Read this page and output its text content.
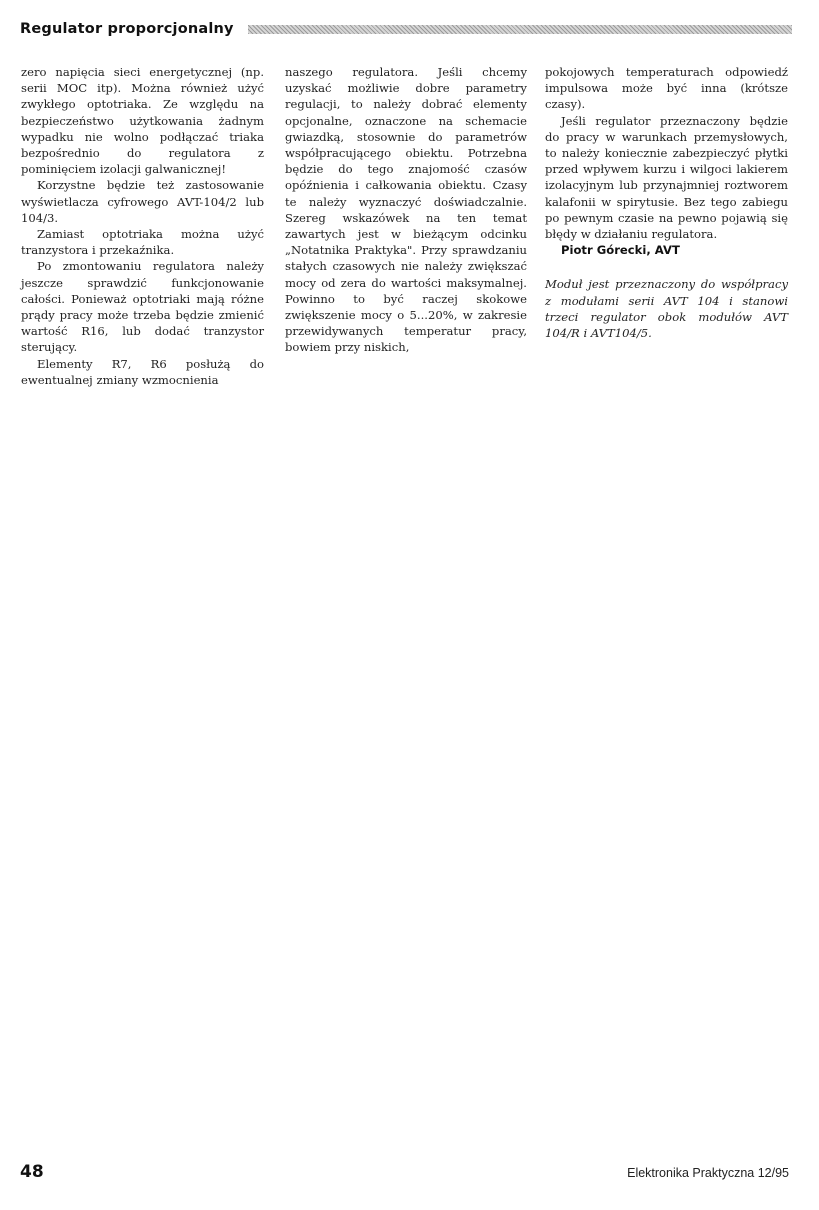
Regulator proporcjonalny

zero napięcia sieci energetycznej (np. serii MOC itp). Można również użyć zwykłego optotriaka. Ze względu na bezpieczeństwo użytkowania żadnym wypadku nie wolno podłączać triaka bezpośrednio do regulatora z pominięciem izolacji galwanicznej!

Korzystne będzie też zastosowanie wyświetlacza cyfrowego AVT-104/2 lub 104/3.

Zamiast optotriaka można użyć tranzystora i przekaźnika.

Po zmontowaniu regulatora należy jeszcze sprawdzić funkcjonowanie całości. Ponieważ optotriaki mają różne prądy pracy może trzeba będzie zmienić wartość R16, lub dodać tranzystor sterujący.

Elementy R7, R6 posłużą do ewentualnej zmiany wzmocnienia

naszego regulatora. Jeśli chcemy uzyskać możliwie dobre parametry regulacji, to należy dobrać elementy opcjonalne, oznaczone na schemacie gwiazdką, stosownie do parametrów współpracującego obiektu. Potrzebna będzie do tego znajomość czasów opóźnienia i całkowania obiektu. Czasy te należy wyznaczyć doświadczalnie. Szereg wskazówek na ten temat zawartych jest w bieżącym odcinku „Notatnika Praktyka". Przy sprawdzaniu stałych czasowych nie należy zwiększać mocy od zera do wartości maksymalnej. Powinno to być raczej skokowe zwiększenie mocy o 5...20%, w zakresie przewidywanych temperatur pracy, bowiem przy niskich,

pokojowych temperaturach odpowiedź impulsowa może być inna (krótsze czasy).

Jeśli regulator przeznaczony będzie do pracy w warunkach przemysłowych, to należy koniecznie zabezpieczyć płytki przed wpływem kurzu i wilgoci lakierem izolacyjnym lub przynajmniej roztworem kalafonii w spirytusie. Bez tego zabiegu po pewnym czasie na pewno pojawią się błędy w działaniu regulatora.

Piotr Górecki, AVT

Moduł jest przeznaczony do współpracy z modułami serii AVT 104 i stanowi trzeci regulator obok modułów AVT 104/R i AVT104/5.

48	Elektronika Praktyczna 12/95
